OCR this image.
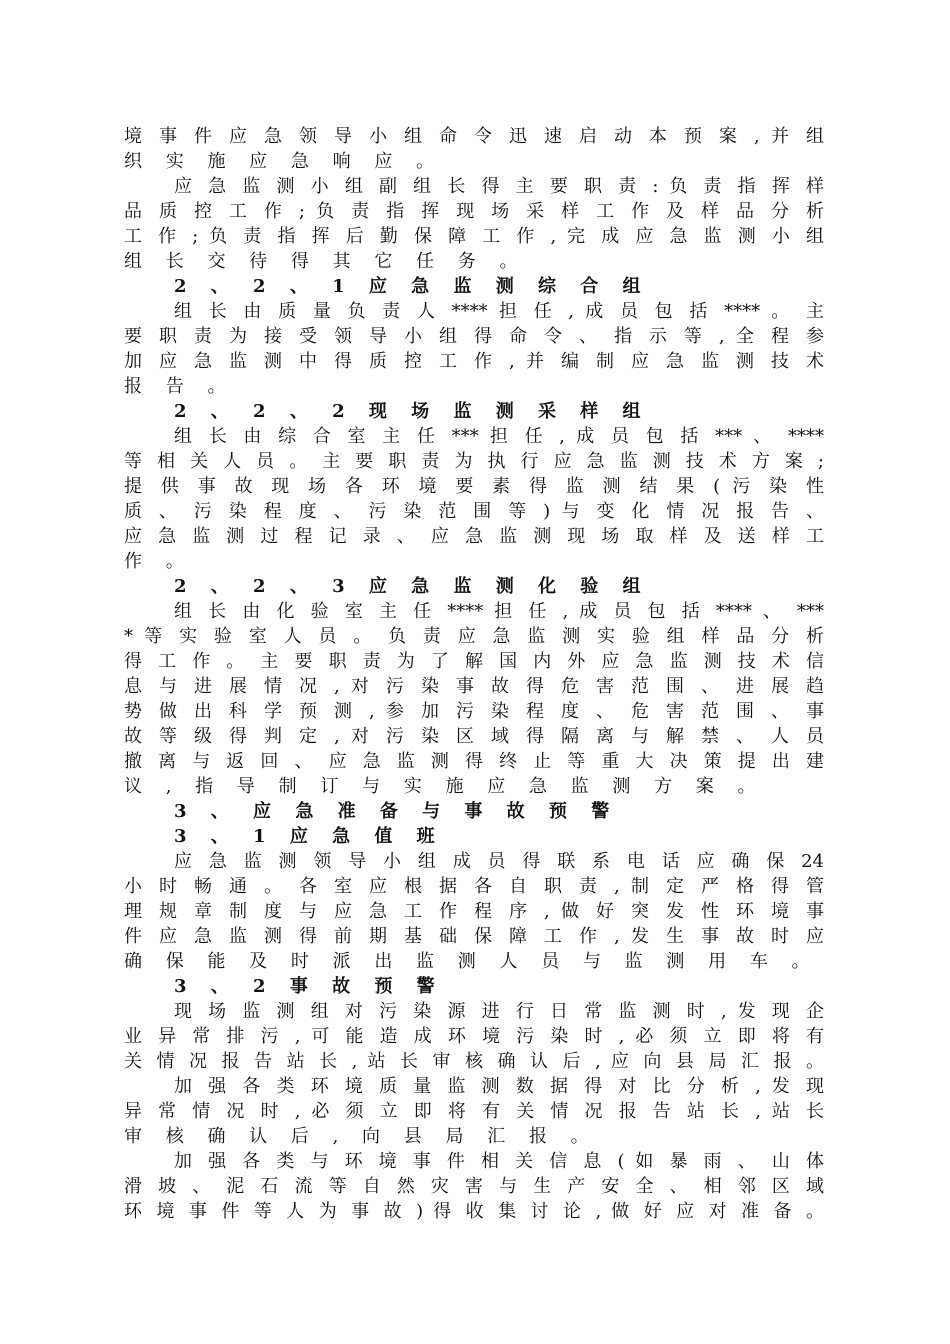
境 事 件 应 急 领 导 小 组 命 令 迅 速 启 动 本 预 案 , 并 组
织 实 施 应 急 响 应 。
应 急 监 测 小 组 副 组 长 得 主 要 职 责 : 负 责 指 挥 样
品 质 控 工 作 ; 负 责 指 挥 现 场 采 样 工 作 及 样 品 分 析
工 作 ; 负 责 指 挥 后 勤 保 障 工 作 , 完 成 应 急 监 测 小 组
组 长 交 待 得 其 它 任 务 。
2 、 2 、 1 应 急 监 测 综 合 组
组 长 由 质 量 负 责 人 **** 担 任 , 成 员 包 括 **** 。 主
要 职 责 为 接 受 领 导 小 组 得 命 令 、 指 示 等 , 全 程 参
加 应 急 监 测 中 得 质 控 工 作 , 并 编 制 应 急 监 测 技 术
报 告 。
2 、 2 、 2 现 场 监 测 采 样 组
组 长 由 综 合 室 主 任 *** 担 任 , 成 员 包 括 *** 、 ****
等 相 关 人 员 。 主 要 职 责 为 执 行 应 急 监 测 技 术 方 案 ;
提 供 事 故 现 场 各 环 境 要 素 得 监 测 结 果 ( 污 染 性
质 、 污 染 程 度 、 污 染 范 围 等 ) 与 变 化 情 况 报 告 、
应 急 监 测 过 程 记 录 、 应 急 监 测 现 场 取 样 及 送 样 工
作 。
2 、 2 、 3 应 急 监 测 化 验 组
组 长 由 化 验 室 主 任 **** 担 任 , 成 员 包 括 **** 、 ***
* 等 实 验 室 人 员 。 负 责 应 急 监 测 实 验 组 样 品 分 析
得 工 作 。 主 要 职 责 为 了 解 国 内 外 应 急 监 测 技 术 信
息 与 进 展 情 况 , 对 污 染 事 故 得 危 害 范 围 、 进 展 趋
势 做 出 科 学 预 测 , 参 加 污 染 程 度 、 危 害 范 围 、 事
故 等 级 得 判 定 , 对 污 染 区 域 得 隔 离 与 解 禁 、 人 员
撤 离 与 返 回 、 应 急 监 测 得 终 止 等 重 大 决 策 提 出 建
议 , 指 导 制 订 与 实 施 应 急 监 测 方 案 。
3 、 应 急 准 备 与 事 故 预 警
3 、 1 应 急 值 班
应 急 监 测 领 导 小 组 成 员 得 联 系 电 话 应 确 保 24
小 时 畅 通 。 各 室 应 根 据 各 自 职 责 , 制 定 严 格 得 管
理 规 章 制 度 与 应 急 工 作 程 序 , 做 好 突 发 性 环 境 事
件 应 急 监 测 得 前 期 基 础 保 障 工 作 , 发 生 事 故 时 应
确 保 能 及 时 派 出 监 测 人 员 与 监 测 用 车 。
3 、 2 事 故 预 警
现 场 监 测 组 对 污 染 源 进 行 日 常 监 测 时 , 发 现 企
业 异 常 排 污 , 可 能 造 成 环 境 污 染 时 , 必 须 立 即 将 有
关 情 况 报 告 站 长 , 站 长 审 核 确 认 后 , 应 向 县 局 汇 报 。
加 强 各 类 环 境 质 量 监 测 数 据 得 对 比 分 析 , 发 现
异 常 情 况 时 , 必 须 立 即 将 有 关 情 况 报 告 站 长 , 站 长
审 核 确 认 后 , 向 县 局 汇 报 。
加 强 各 类 与 环 境 事 件 相 关 信 息 ( 如 暴 雨 、 山 体
滑 坡 、 泥 石 流 等 自 然 灾 害 与 生 产 安 全 、 相 邻 区 域
环 境 事 件 等 人 为 事 故 ) 得 收 集 讨 论 , 做 好 应 对 准 备 。
